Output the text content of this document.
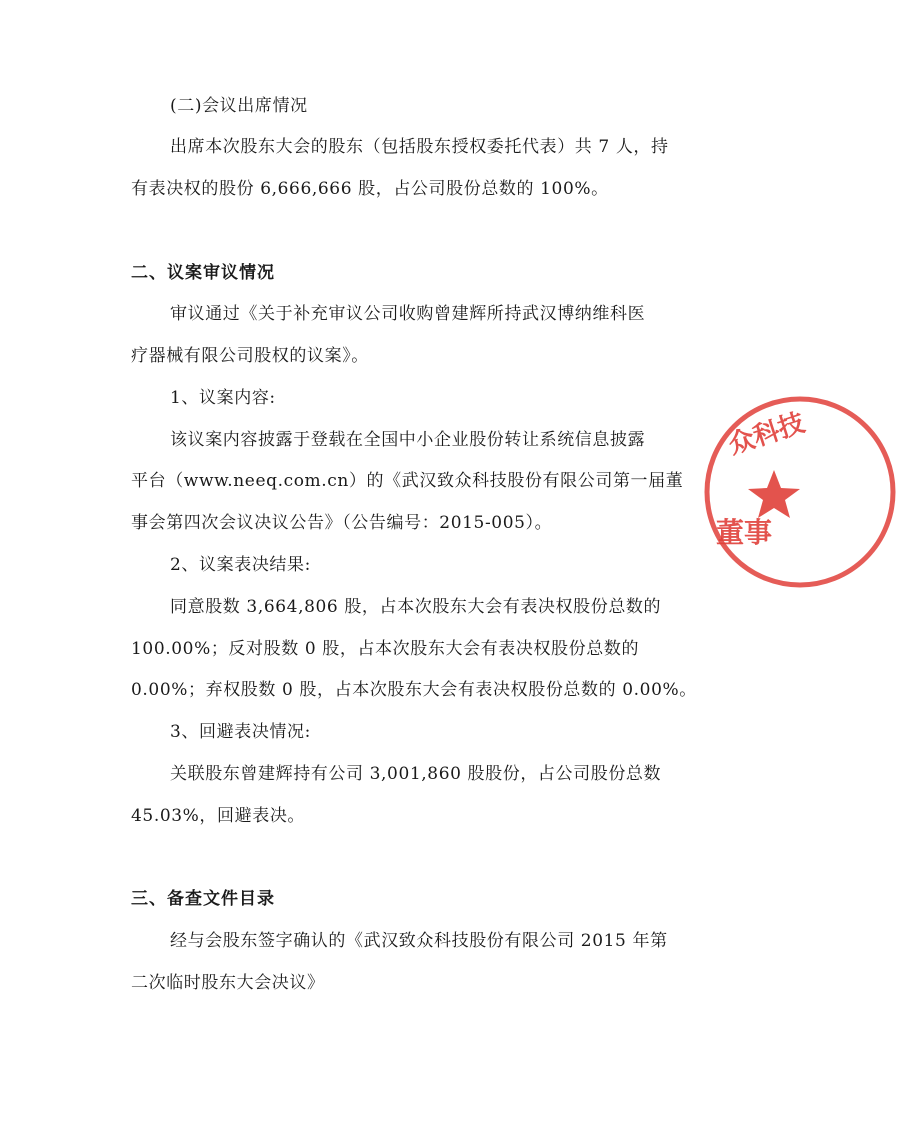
(二)会议出席情况
出席本次股东大会的股东（包括股东授权委托代表）共 7 人，持
有表决权的股份 6,666,666 股，占公司股份总数的 100%。
二、议案审议情况
审议通过《关于补充审议公司收购曾建辉所持武汉博纳维科医
疗器械有限公司股权的议案》。
1、议案内容:
该议案内容披露于登载在全国中小企业股份转让系统信息披露
平台（www.neeq.com.cn）的《武汉致众科技股份有限公司第一届董
事会第四次会议决议公告》（公告编号：2015-005）。
2、议案表决结果:
同意股数 3,664,806 股，占本次股东大会有表决权股份总数的
100.00%；反对股数 0 股，占本次股东大会有表决权股份总数的
0.00%；弃权股数 0 股，占本次股东大会有表决权股份总数的 0.00%。
3、回避表决情况:
关联股东曾建辉持有公司 3,001,860 股股份，占公司股份总数
45.03%，回避表决。
三、备查文件目录
经与会股东签字确认的《武汉致众科技股份有限公司 2015 年第
二次临时股东大会决议》
众科技
董事
